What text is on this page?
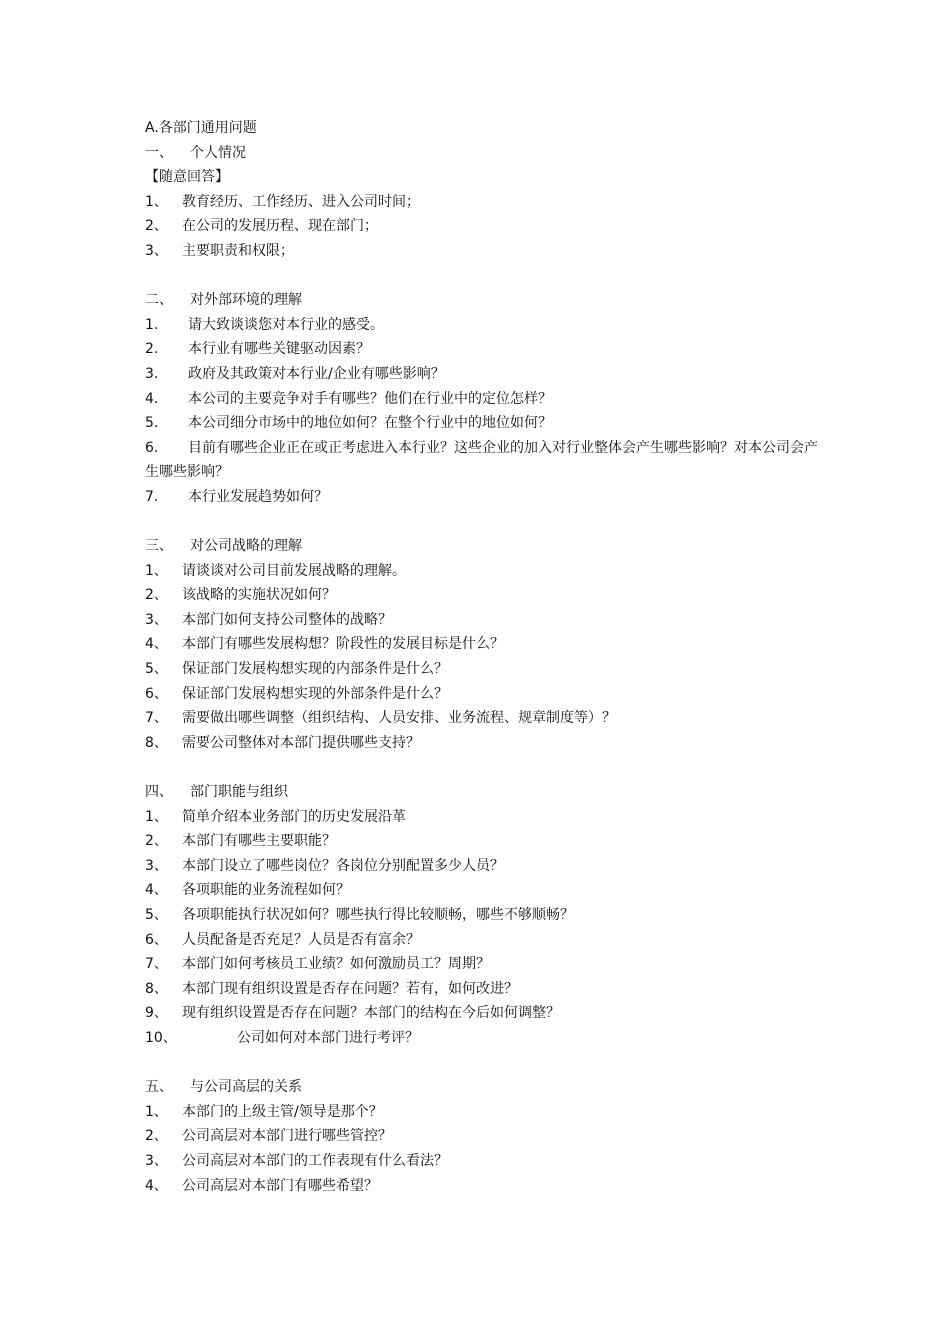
A.各部门通用问题
一、 个人情况
【随意回答】
1、 教育经历、工作经历、进入公司时间；
2、 在公司的发展历程、现在部门；
3、 主要职责和权限；
二、 对外部环境的理解
1. 请大致谈谈您对本行业的感受。
2. 本行业有哪些关键驱动因素？
3. 政府及其政策对本行业/企业有哪些影响？
4. 本公司的主要竞争对手有哪些？他们在行业中的定位怎样？
5. 本公司细分市场中的地位如何？在整个行业中的地位如何？
6. 目前有哪些企业正在或正考虑进入本行业？这些企业的加入对行业整体会产生哪些影响？对本公司会产生哪些影响？
7. 本行业发展趋势如何？
三、 对公司战略的理解
1、 请谈谈对公司目前发展战略的理解。
2、 该战略的实施状况如何？
3、 本部门如何支持公司整体的战略？
4、 本部门有哪些发展构想？阶段性的发展目标是什么？
5、 保证部门发展构想实现的内部条件是什么？
6、 保证部门发展构想实现的外部条件是什么？
7、 需要做出哪些调整（组织结构、人员安排、业务流程、规章制度等）？
8、 需要公司整体对本部门提供哪些支持？
四、 部门职能与组织
1、 简单介绍本业务部门的历史发展沿革
2、 本部门有哪些主要职能？
3、 本部门设立了哪些岗位？各岗位分别配置多少人员？
4、 各项职能的业务流程如何？
5、 各项职能执行状况如何？哪些执行得比较顺畅，哪些不够顺畅？
6、 人员配备是否充足？人员是否有富余？
7、 本部门如何考核员工业绩？如何激励员工？周期？
8、 本部门现有组织设置是否存在问题？若有，如何改进？
9、 现有组织设置是否存在问题？本部门的结构在今后如何调整？
10、	公司如何对本部门进行考评？
五、 与公司高层的关系
1、 本部门的上级主管/领导是那个？
2、 公司高层对本部门进行哪些管控？
3、 公司高层对本部门的工作表现有什么看法？
4、 公司高层对本部门有哪些希望？
